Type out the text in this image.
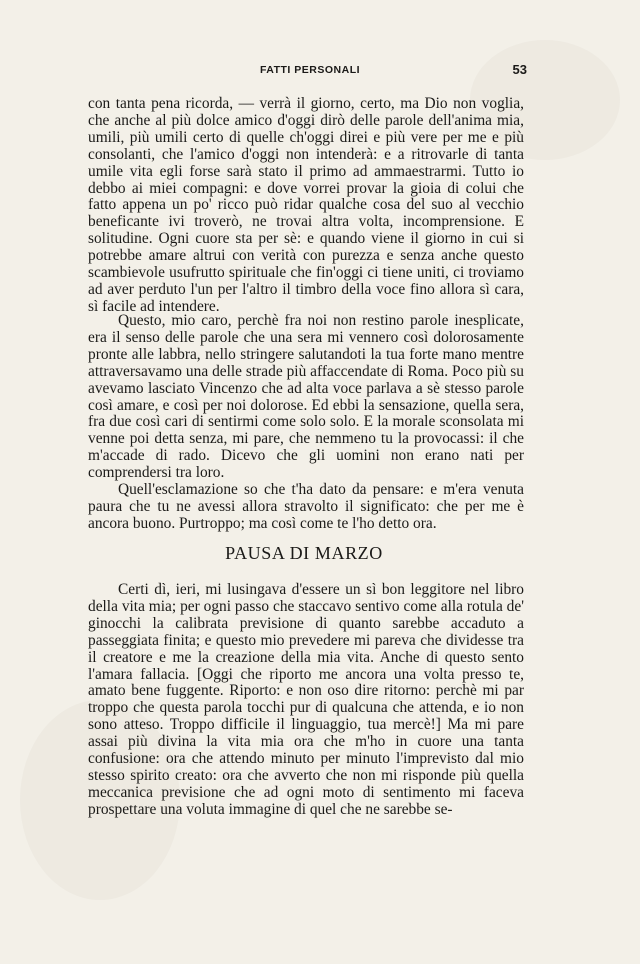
FATTI PERSONALI	53

con tanta pena ricorda, — verrà il giorno, certo, ma Dio non voglia, che anche al più dolce amico d'oggi dirò delle parole dell'anima mia, umili, più umili certo di quelle ch'oggi direi e più vere per me e più consolanti, che l'amico d'oggi non intenderà: e a ritrovarle di tanta umile vita egli forse sarà stato il primo ad ammaestrarmi. Tutto io debbo ai miei compagni: e dove vorrei provar la gioia di colui che fatto appena un po' ricco può ridar qualche cosa del suo al vecchio beneficante ivi troverò, ne trovai altra volta, incomprensione. E solitudine. Ogni cuore sta per sè: e quando viene il giorno in cui si potrebbe amare altrui con verità con purezza e senza anche questo scambievole usufrutto spirituale che fin'oggi ci tiene uniti, ci troviamo ad aver perduto l'un per l'altro il timbro della voce fino allora sì cara, sì facile ad intendere.

Questo, mio caro, perchè fra noi non restino parole inesplicate, era il senso delle parole che una sera mi vennero così dolorosamente pronte alle labbra, nello stringere salutandoti la tua forte mano mentre attraversavamo una delle strade più affaccendate di Roma. Poco più su avevamo lasciato Vincenzo che ad alta voce parlava a sè stesso parole così amare, e così per noi dolorose. Ed ebbi la sensazione, quella sera, fra due così cari di sentirmi come solo solo. E la morale sconsolata mi venne poi detta senza, mi pare, che nemmeno tu la provocassi: il che m'accade di rado. Dicevo che gli uomini non erano nati per comprendersi tra loro.

Quell'esclamazione so che t'ha dato da pensare: e m'era venuta paura che tu ne avessi allora stravolto il significato: che per me è ancora buono. Purtroppo; ma così come te l'ho detto ora.

PAUSA DI MARZO

Certi dì, ieri, mi lusingava d'essere un sì bon leggitore nel libro della vita mia; per ogni passo che staccavo sentivo come alla rotula de' ginocchi la calibrata previsione di quanto sarebbe accaduto a passeggiata finita; e questo mio prevedere mi pareva che dividesse tra il creatore e me la creazione della mia vita. Anche di questo sento l'amara fallacia. [Oggi che riporto me ancora una volta presso te, amato bene fuggente. Riporto: e non oso dire ritorno: perchè mi par troppo che questa parola tocchi pur di qualcuna che attenda, e io non sono atteso. Troppo difficile il linguaggio, tua mercè!] Ma mi pare assai più divina la vita mia ora che m'ho in cuore una tanta confusione: ora che attendo minuto per minuto l'imprevisto dal mio stesso spirito creato: ora che avverto che non mi risponde più quella meccanica previsione che ad ogni moto di sentimento mi faceva prospettare una voluta immagine di quel che ne sarebbe se-
